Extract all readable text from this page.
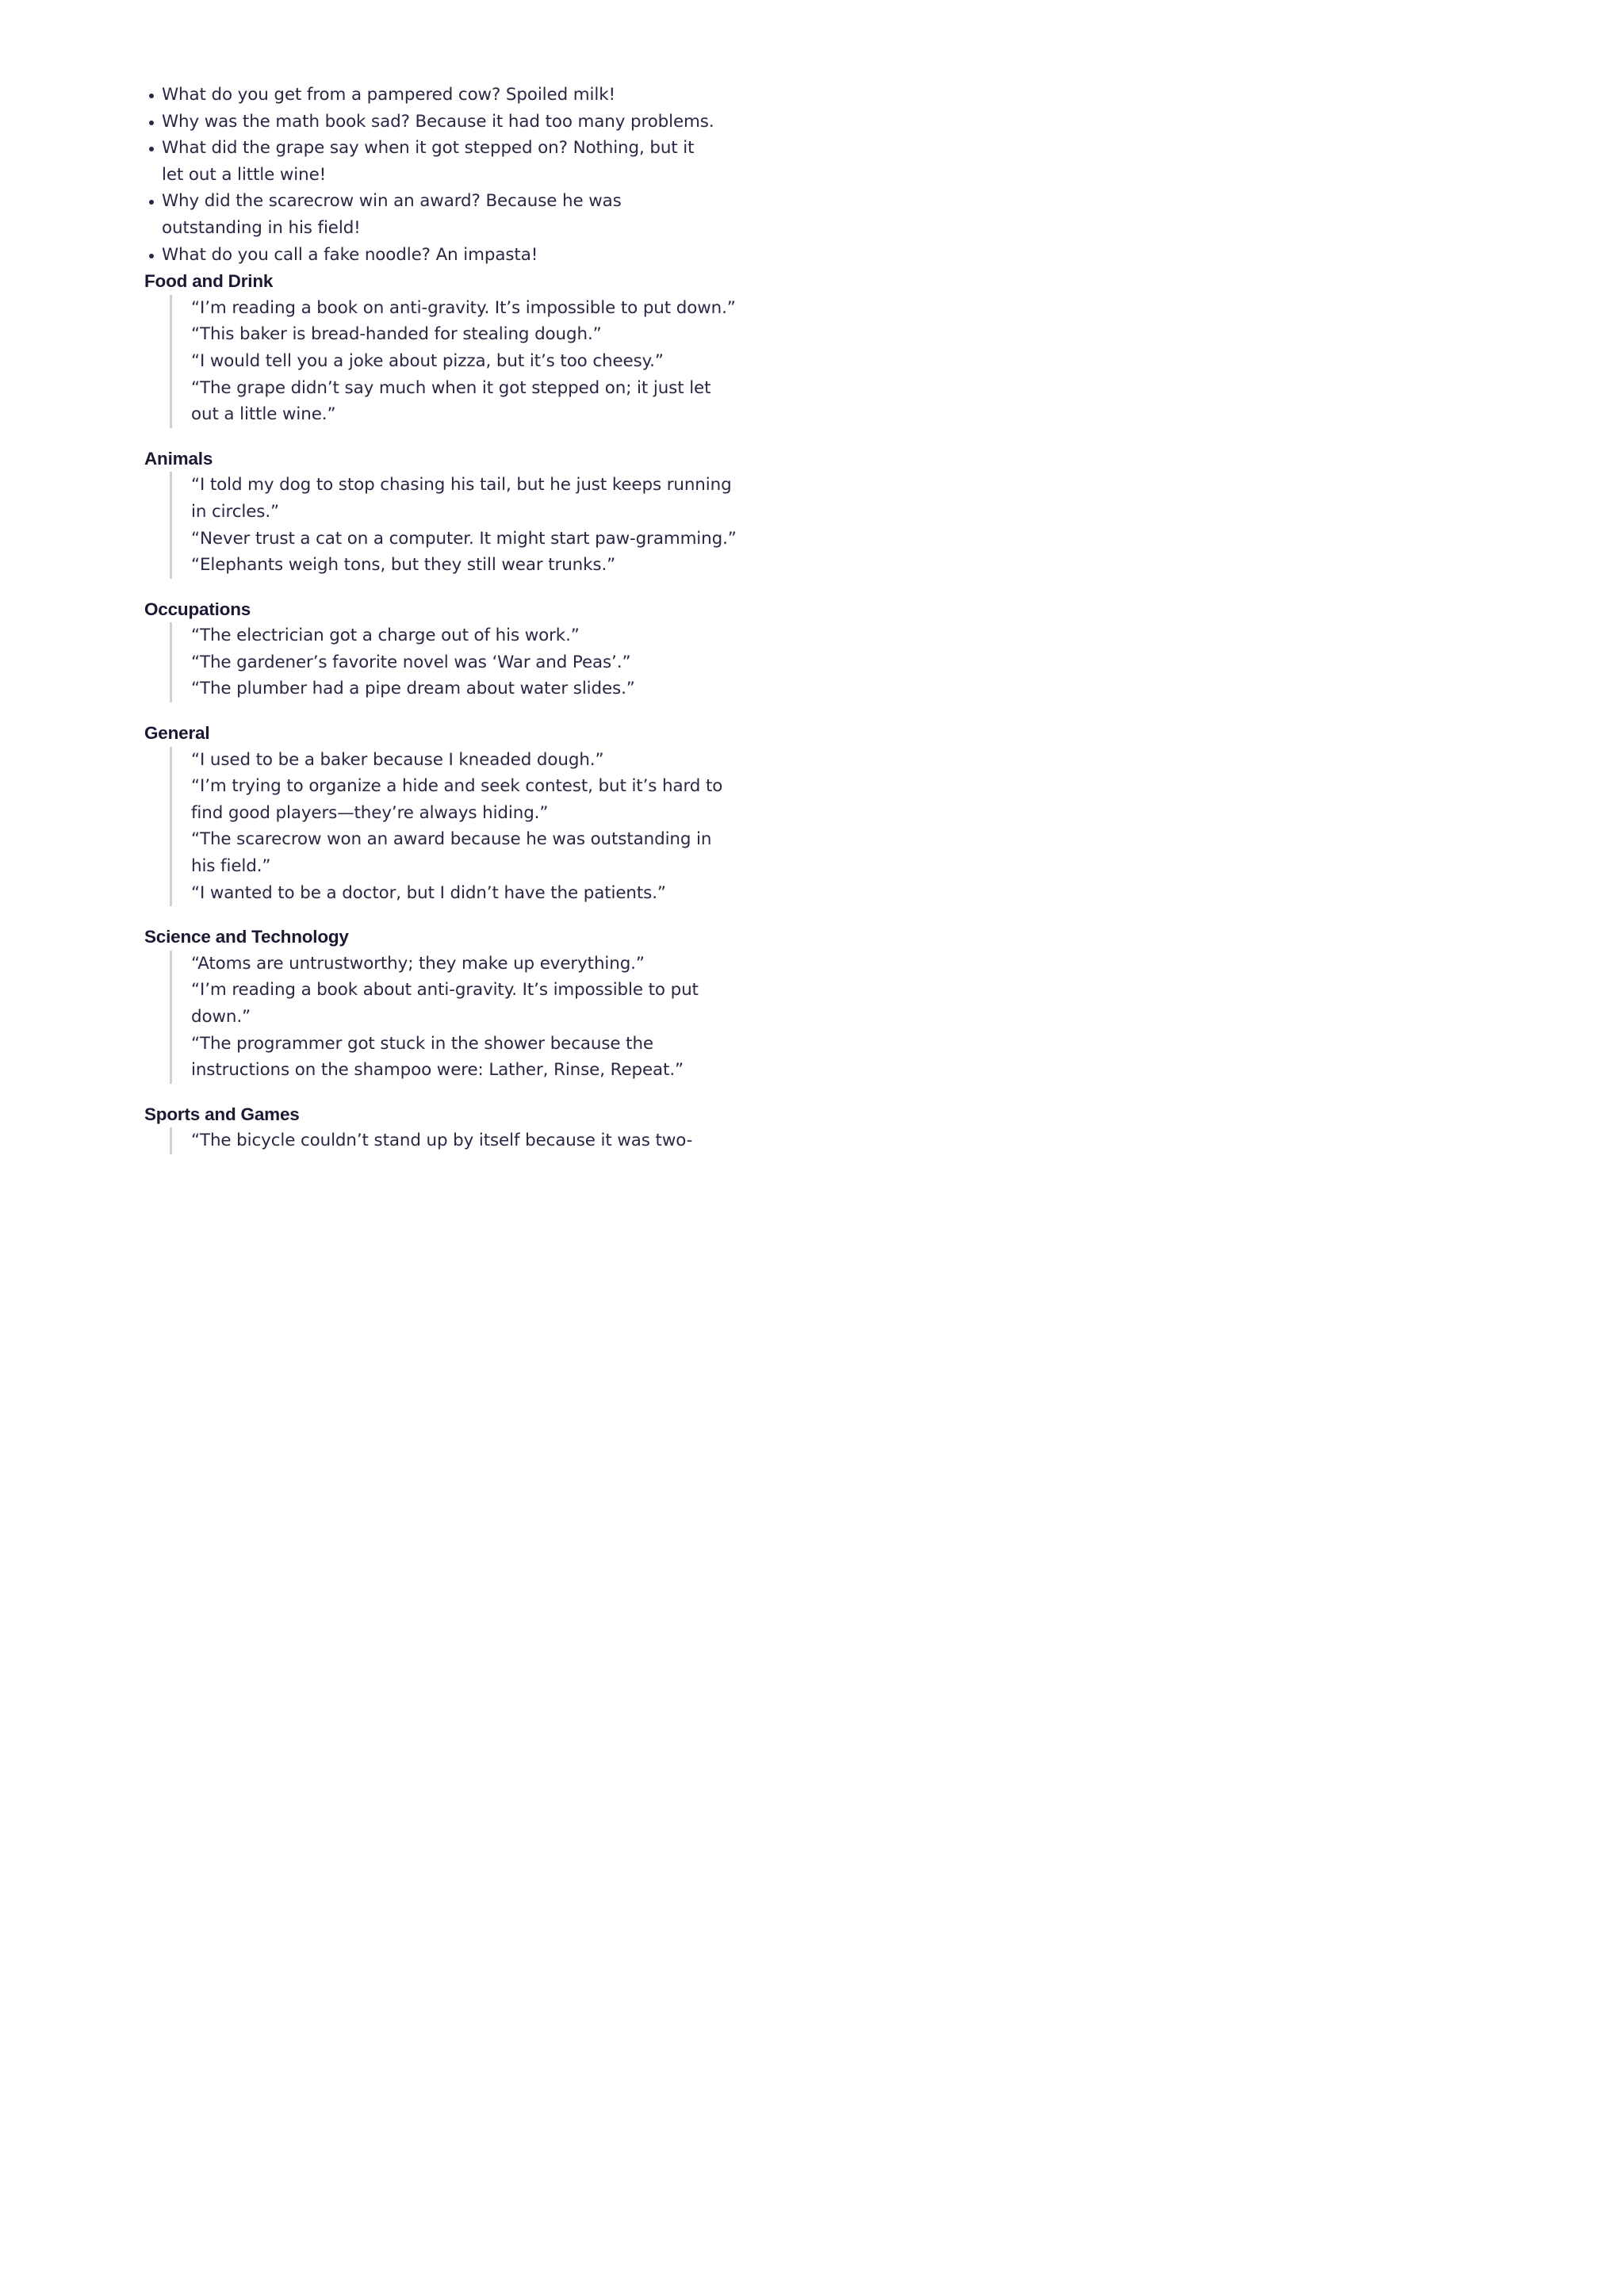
What do you get from a pampered cow? Spoiled milk!
Why was the math book sad? Because it had too many problems.
What did the grape say when it got stepped on? Nothing, but it
let out a little wine!
Why did the scarecrow win an award? Because he was
outstanding in his field!
What do you call a fake noodle? An impasta!
Food and Drink
“I’m reading a book on anti-gravity. It’s impossible to put down.”
“This baker is bread-handed for stealing dough.”
“I would tell you a joke about pizza, but it’s too cheesy.”
“The grape didn’t say much when it got stepped on; it just let
out a little wine.”
Animals
“I told my dog to stop chasing his tail, but he just keeps running
in circles.”
“Never trust a cat on a computer. It might start paw-gramming.”
“Elephants weigh tons, but they still wear trunks.”
Occupations
“The electrician got a charge out of his work.”
“The gardener’s favorite novel was ‘War and Peas’.”
“The plumber had a pipe dream about water slides.”
General
“I used to be a baker because I kneaded dough.”
“I’m trying to organize a hide and seek contest, but it’s hard to
find good players—they’re always hiding.”
“The scarecrow won an award because he was outstanding in
his field.”
“I wanted to be a doctor, but I didn’t have the patients.”
Science and Technology
“Atoms are untrustworthy; they make up everything.”
“I’m reading a book about anti-gravity. It’s impossible to put
down.”
“The programmer got stuck in the shower because the
instructions on the shampoo were: Lather, Rinse, Repeat.”
Sports and Games
“The bicycle couldn’t stand up by itself because it was two-
